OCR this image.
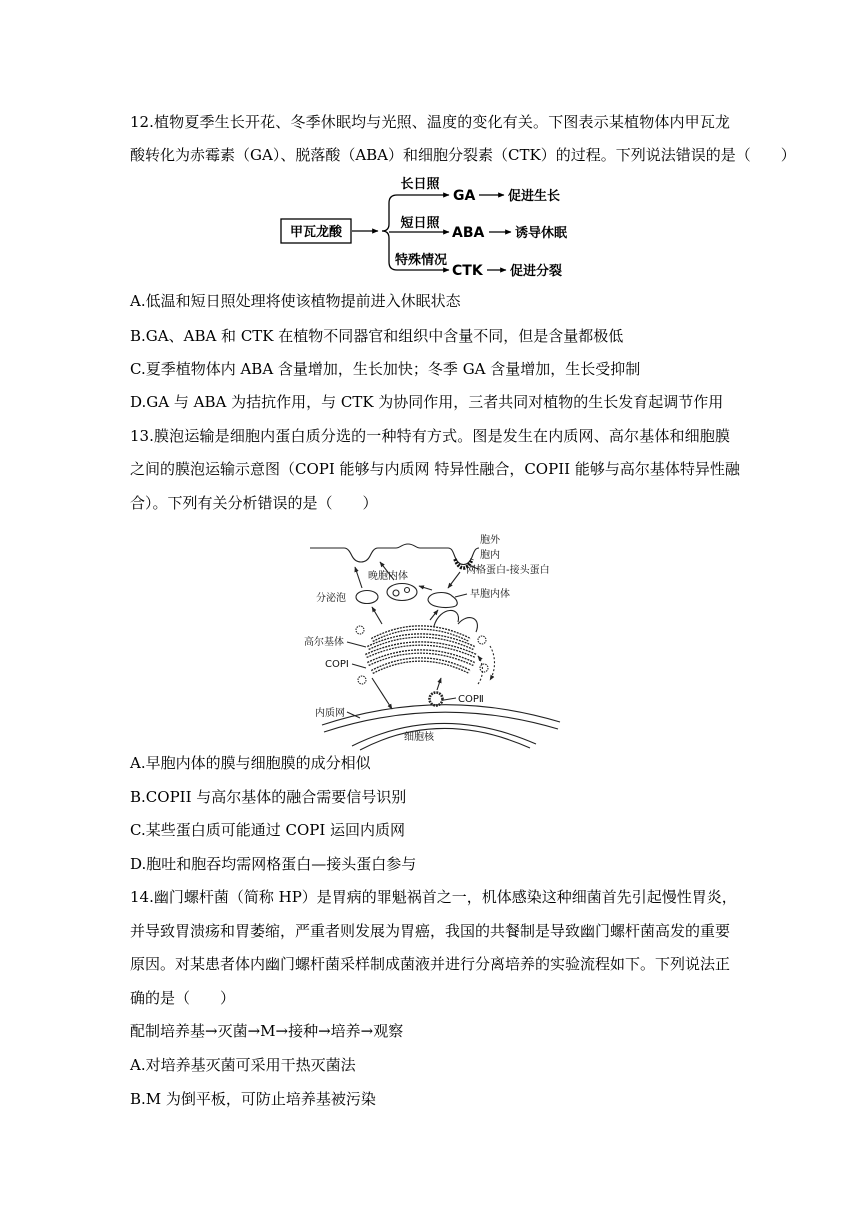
12.植物夏季生长开花、冬季休眠均与光照、温度的变化有关。下图表示某植物体内甲瓦龙
酸转化为赤霉素（GA）、脱落酸（ABA）和细胞分裂素（CTK）的过程。下列说法错误的是（　　）
甲瓦龙酸
长日照
短日照
特殊情况
GA
ABA
CTK
促进生长
诱导休眠
促进分裂
A.低温和短日照处理将使该植物提前进入休眠状态
B.GA、ABA 和 CTK 在植物不同器官和组织中含量不同，但是含量都极低
C.夏季植物体内 ABA 含量增加，生长加快；冬季 GA 含量增加，生长受抑制
D.GA 与 ABA 为拮抗作用，与 CTK 为协同作用，三者共同对植物的生长发育起调节作用
13.膜泡运输是细胞内蛋白质分选的一种特有方式。图是发生在内质网、高尔基体和细胞膜
之间的膜泡运输示意图（COPI 能够与内质网 特异性融合，COPII 能够与高尔基体特异性融
合）。下列有关分析错误的是（　　）
胞外
胞内
网格蛋白-接头蛋白
晚胞内体
早胞内体
分泌泡
高尔基体
COPI
COPⅡ
内质网
细胞核
A.早胞内体的膜与细胞膜的成分相似
B.COPII 与高尔基体的融合需要信号识别
C.某些蛋白质可能通过 COPI 运回内质网
D.胞吐和胞吞均需网格蛋白—接头蛋白参与
14.幽门螺杆菌（简称 HP）是胃病的罪魁祸首之一，机体感染这种细菌首先引起慢性胃炎，
并导致胃溃疡和胃萎缩，严重者则发展为胃癌，我国的共餐制是导致幽门螺杆菌高发的重要
原因。对某患者体内幽门螺杆菌采样制成菌液并进行分离培养的实验流程如下。下列说法正
确的是（　　）
配制培养基→灭菌→M→接种→培养→观察
A.对培养基灭菌可采用干热灭菌法
B.M 为倒平板，可防止培养基被污染
